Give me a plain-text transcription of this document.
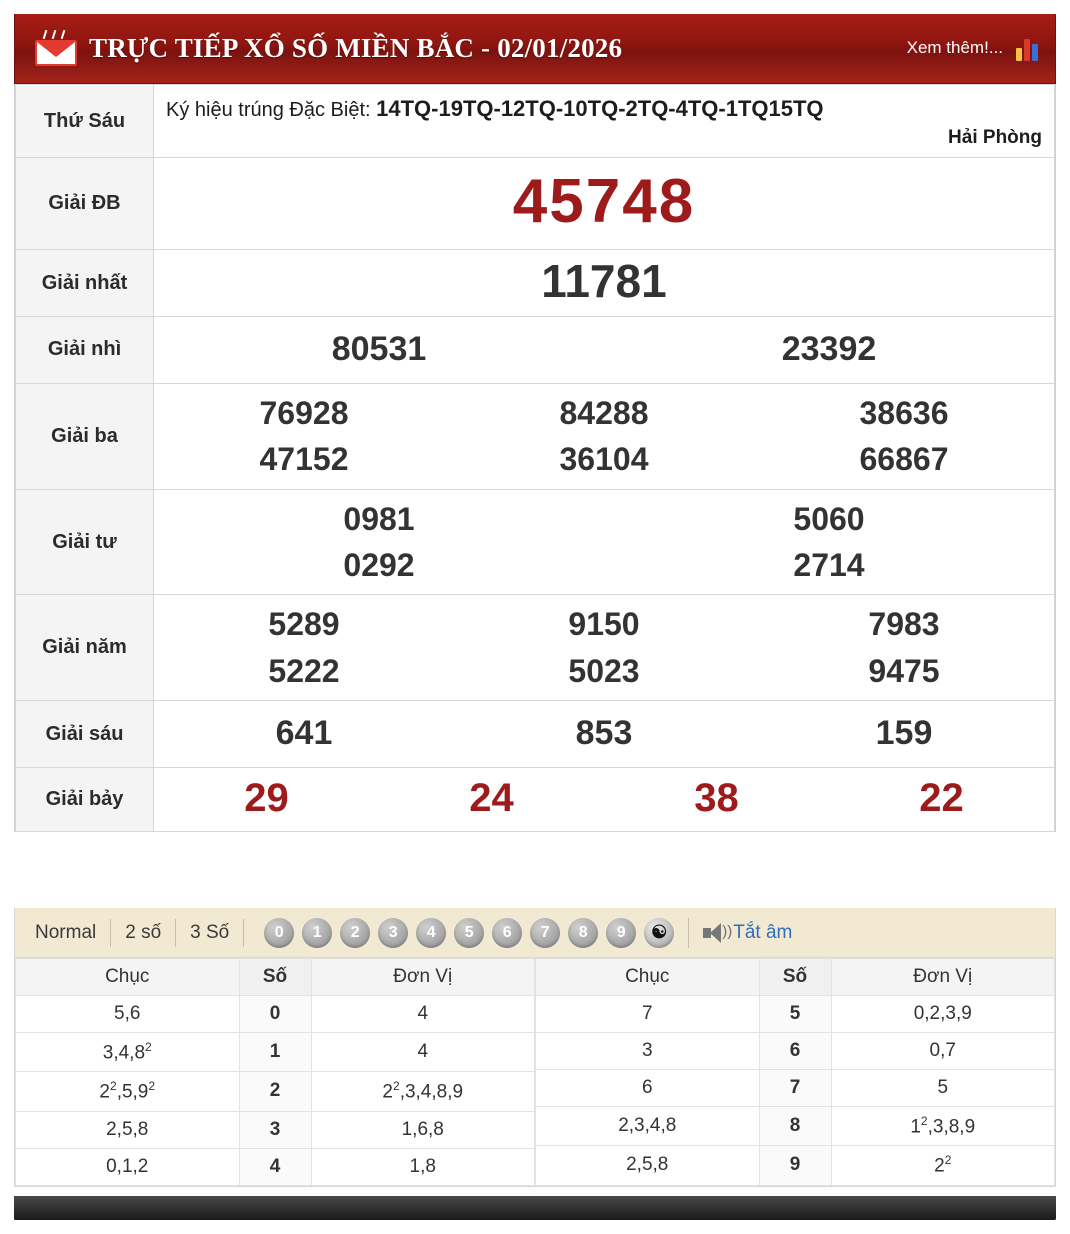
TRỰC TIẾP XỔ SỐ MIỀN BẮC - 02/01/2026	Xem thêm!...
Thứ Sáu	Ký hiệu trúng Đặc Biệt: 14TQ-19TQ-12TQ-10TQ-2TQ-4TQ-1TQ15TQ
Hải Phòng

Giải ĐB	45748
Giải nhất	11781
Giải nhì	80531 23392

Giải ba	
76928	84288	38636
47152	36104	66867

Giải tư	0981 5060
0292 2714

Giải năm	
5289	9150	7983
5222	5023	9475

Giải sáu	641 853 159

Giải bảy	29 24 38 22
Normal	2 số	3 Số	0	1	2	3	4	5	6	7	8	9	☯	)) Tắt âm
Chục	Số	Đơn Vị
5,6	0	4
3,4,8$^2$	1	4
$2^2,5,9^2$	2	$2^2,3,4,8,9$
2,5,8	3	1,6,8
0,1,2	4	1,8
Chục	Số	Đơn Vị
7	5	0,2,3,9
3	6	0,7
6	7	5
2,3,4,8	8	$1^2,3,8,9$
2,5,8	9	$2^2$
